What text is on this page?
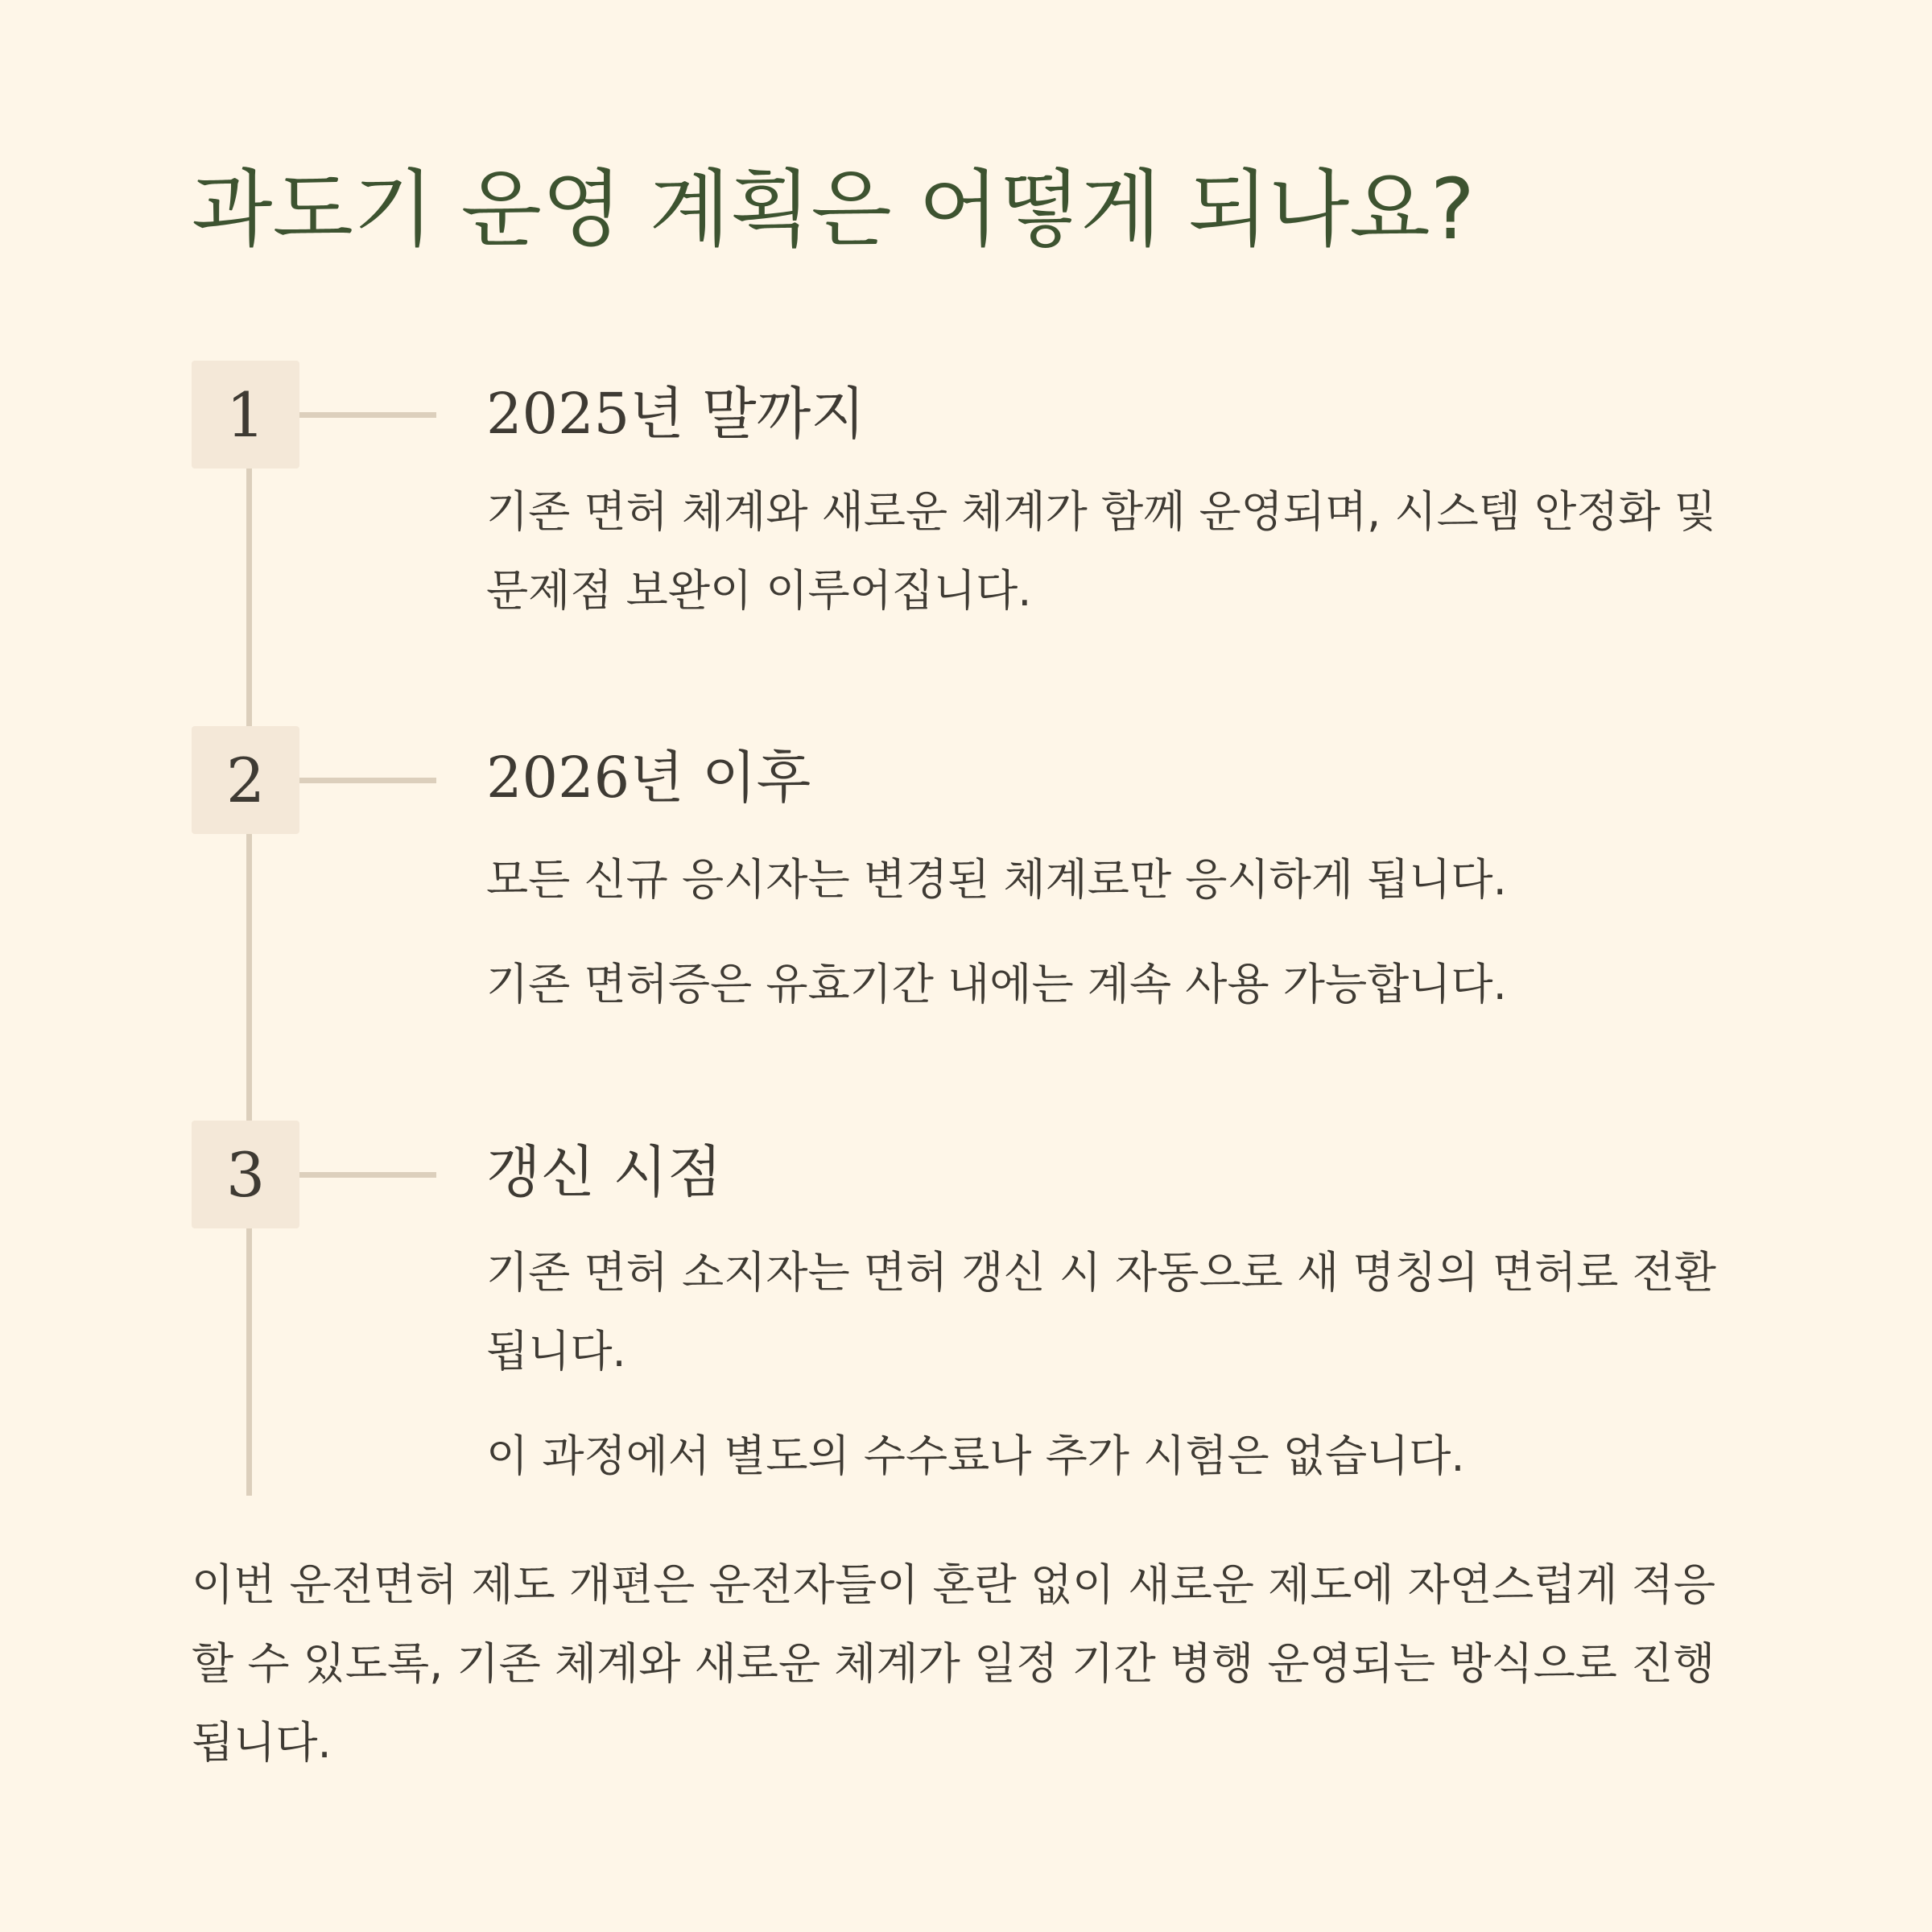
과도기 운영 계획은 어떻게 되나요?
1	2025년 말까지

기존 면허 체계와 새로운 체계가 함께 운영되며, 시스템 안정화 및 문제점 보완이 이루어집니다.

2	2026년 이후

모든 신규 응시자는 변경된 체계로만 응시하게 됩니다.

기존 면허증은 유효기간 내에는 계속 사용 가능합니다.

3	갱신 시점

기존 면허 소지자는 면허 갱신 시 자동으로 새 명칭의 면허로 전환됩니다.

이 과정에서 별도의 수수료나 추가 시험은 없습니다.

이번 운전면허 제도 개편은 운전자들이 혼란 없이 새로운 제도에 자연스럽게 적응할 수 있도록, 기존 체계와 새로운 체계가 일정 기간 병행 운영되는 방식으로 진행됩니다.
